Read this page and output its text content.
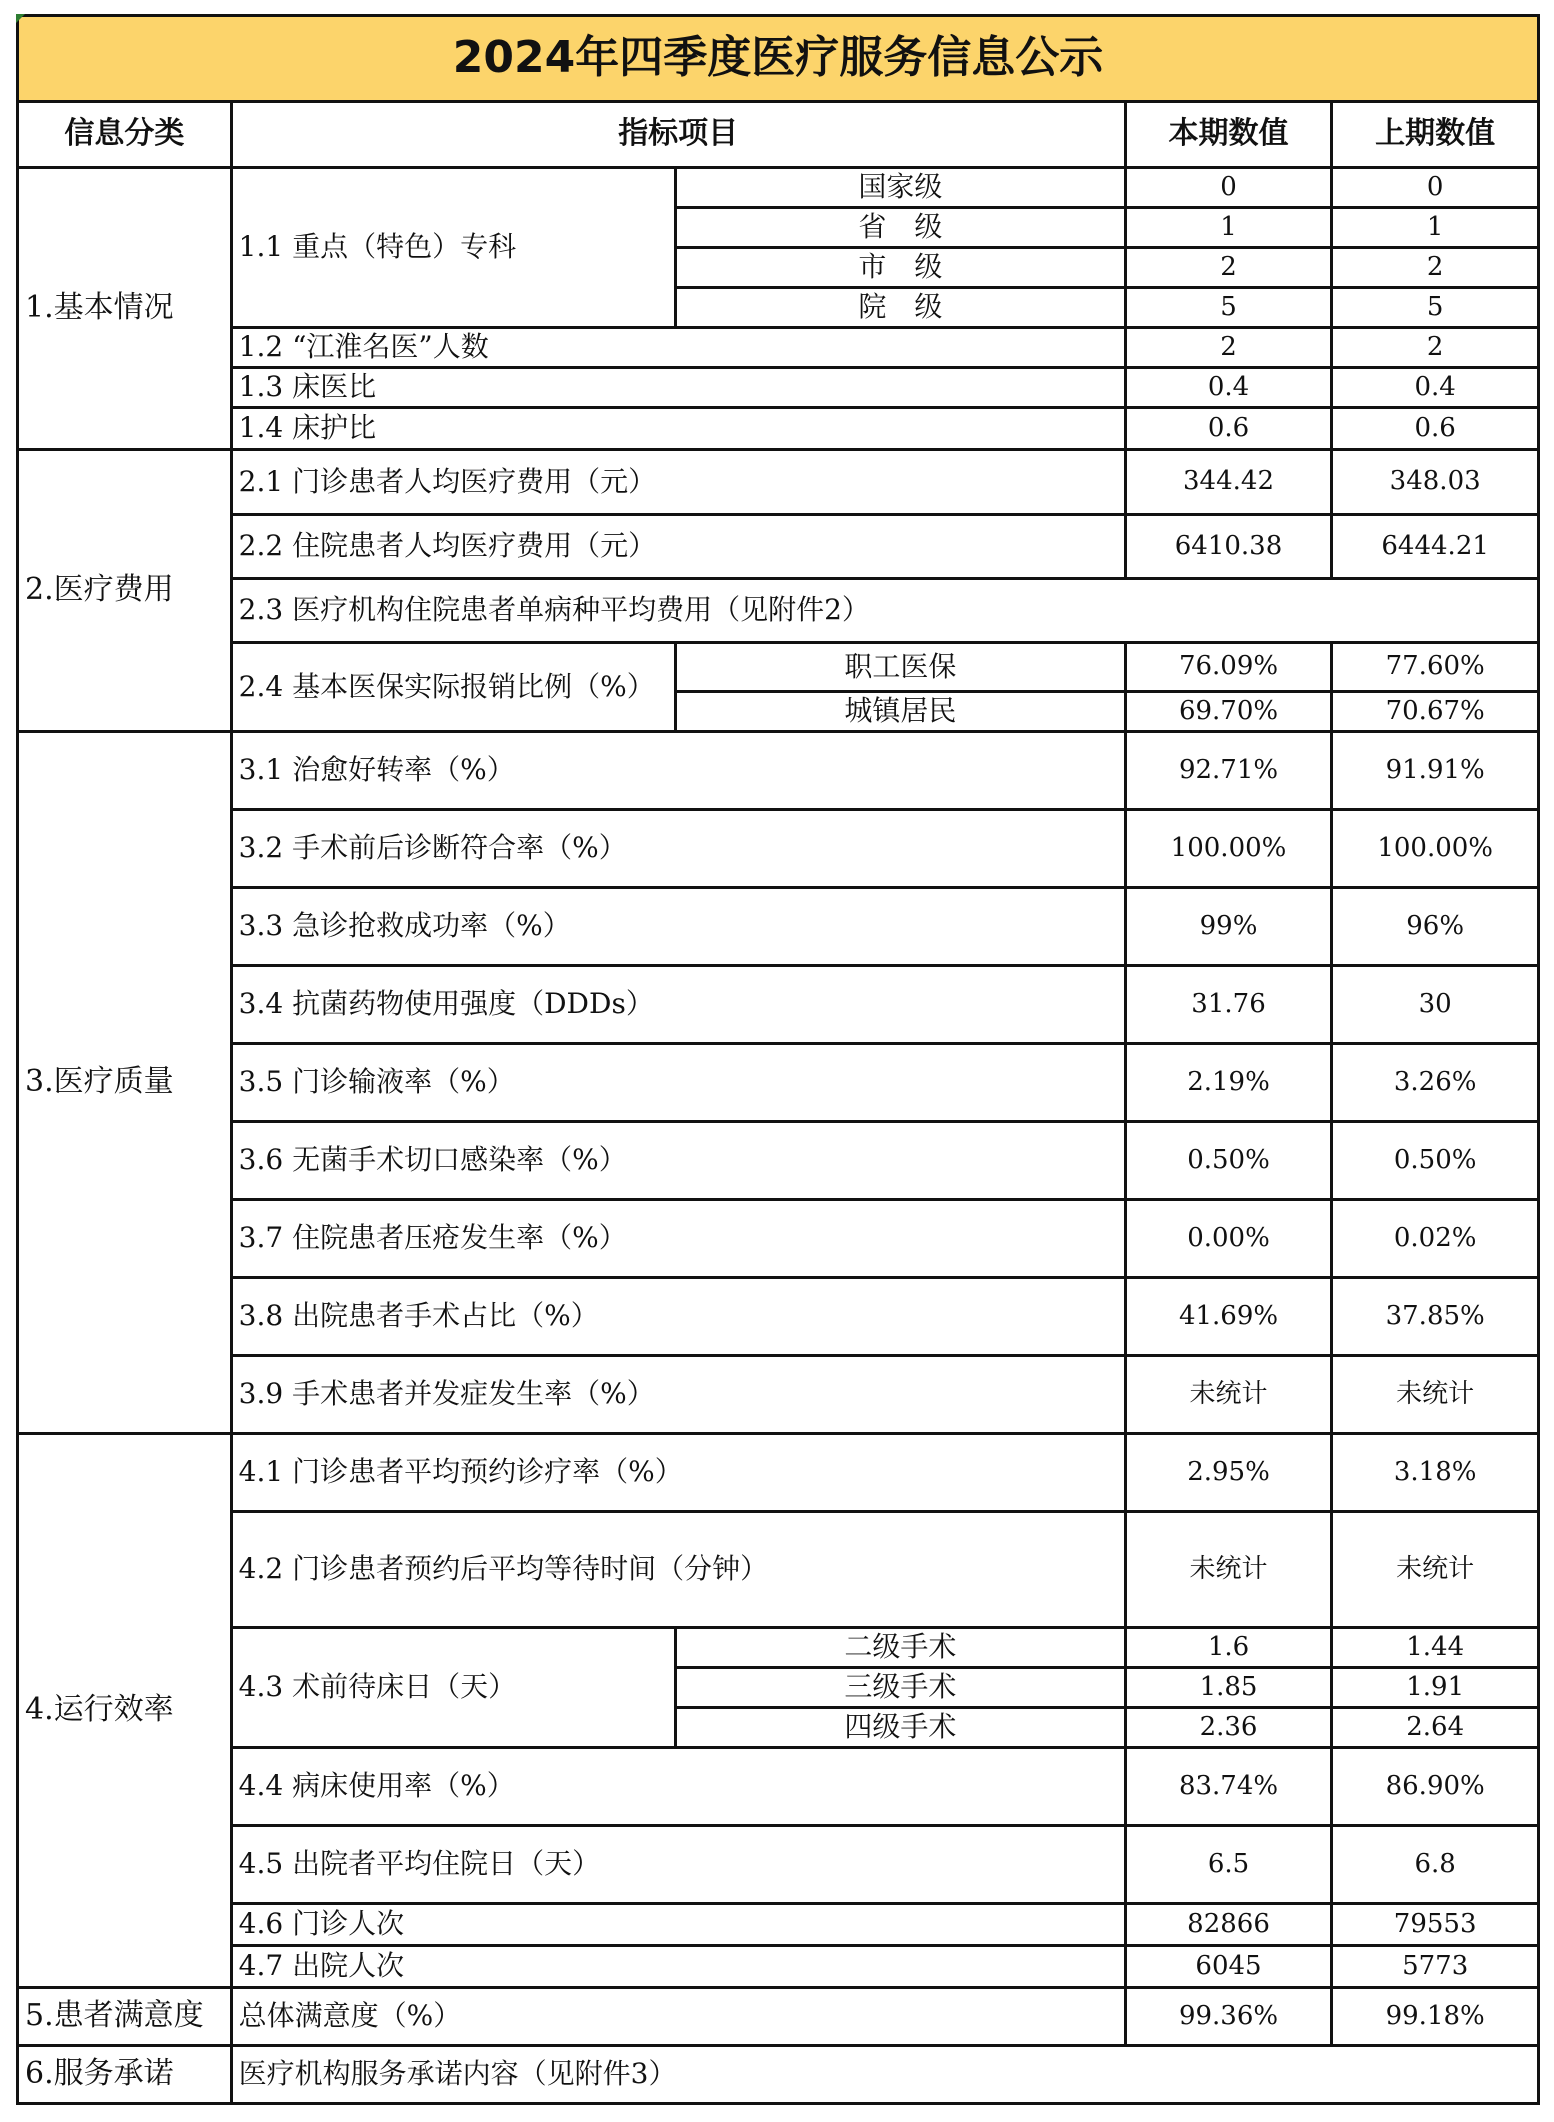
2024年四季度医疗服务信息公示				
信息分类	指标项目		本期数值	上期数值
1.基本情况	1.1 重点（特色）专科	国家级	0	0
		省　级	1	1
		市　级	2	2
		院　级	5	5
	1.2 “江淮名医”人数		2	2
	1.3 床医比		0.4	0.4
	1.4 床护比		0.6	0.6
2.医疗费用	2.1 门诊患者人均医疗费用（元）		344.42	348.03
	2.2 住院患者人均医疗费用（元）		6410.38	6444.21
	2.3 医疗机构住院患者单病种平均费用（见附件2）			
	2.4 基本医保实际报销比例（%）	职工医保	76.09%	77.60%
		城镇居民	69.70%	70.67%
3.医疗质量	3.1 治愈好转率（%）		92.71%	91.91%
	3.2 手术前后诊断符合率（%）		100.00%	100.00%
	3.3 急诊抢救成功率（%）		99%	96%
	3.4 抗菌药物使用强度（DDDs）		31.76	30
	3.5 门诊输液率（%）		2.19%	3.26%
	3.6 无菌手术切口感染率（%）		0.50%	0.50%
	3.7 住院患者压疮发生率（%）		0.00%	0.02%
	3.8 出院患者手术占比（%）		41.69%	37.85%
	3.9 手术患者并发症发生率（%）		未统计	未统计
4.运行效率	4.1 门诊患者平均预约诊疗率（%）		2.95%	3.18%
	4.2 门诊患者预约后平均等待时间（分钟）		未统计	未统计
	4.3 术前待床日（天）	二级手术	1.6	1.44
		三级手术	1.85	1.91
		四级手术	2.36	2.64
	4.4 病床使用率（%）		83.74%	86.90%
	4.5 出院者平均住院日（天）		6.5	6.8
	4.6 门诊人次		82866	79553
	4.7 出院人次		6045	5773
5.患者满意度	总体满意度（%）		99.36%	99.18%
6.服务承诺	医疗机构服务承诺内容（见附件3）			
